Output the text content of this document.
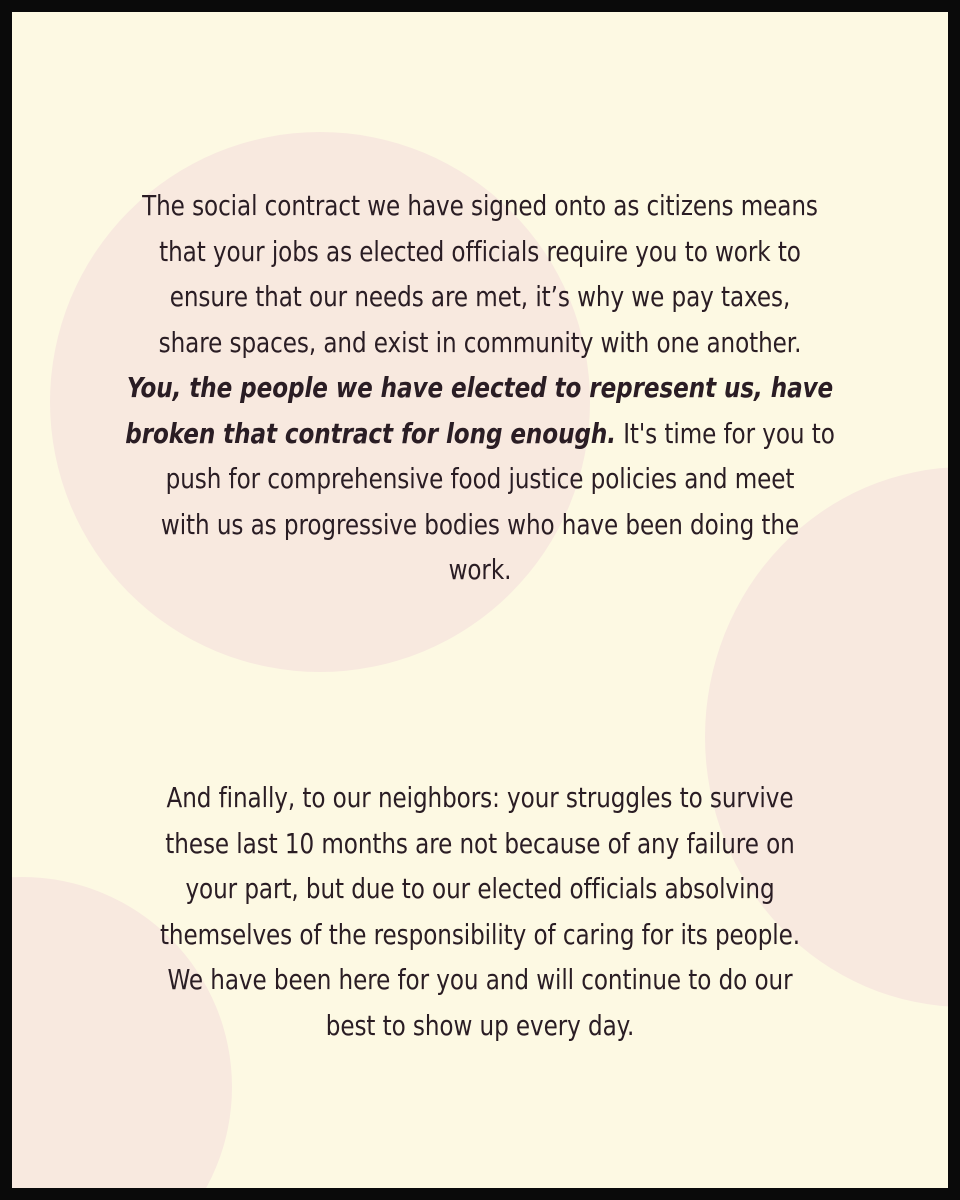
The social contract we have signed onto as citizens means
that your jobs as elected officials require you to work to
ensure that our needs are met, it’s why we pay taxes,
share spaces, and exist in community with one another.
You, the people we have elected to represent us, have
broken that contract for long enough. It's time for you to
push for comprehensive food justice policies and meet
with us as progressive bodies who have been doing the
work.
And finally, to our neighbors: your struggles to survive
these last 10 months are not because of any failure on
your part, but due to our elected officials absolving
themselves of the responsibility of caring for its people.
We have been here for you and will continue to do our
best to show up every day.
